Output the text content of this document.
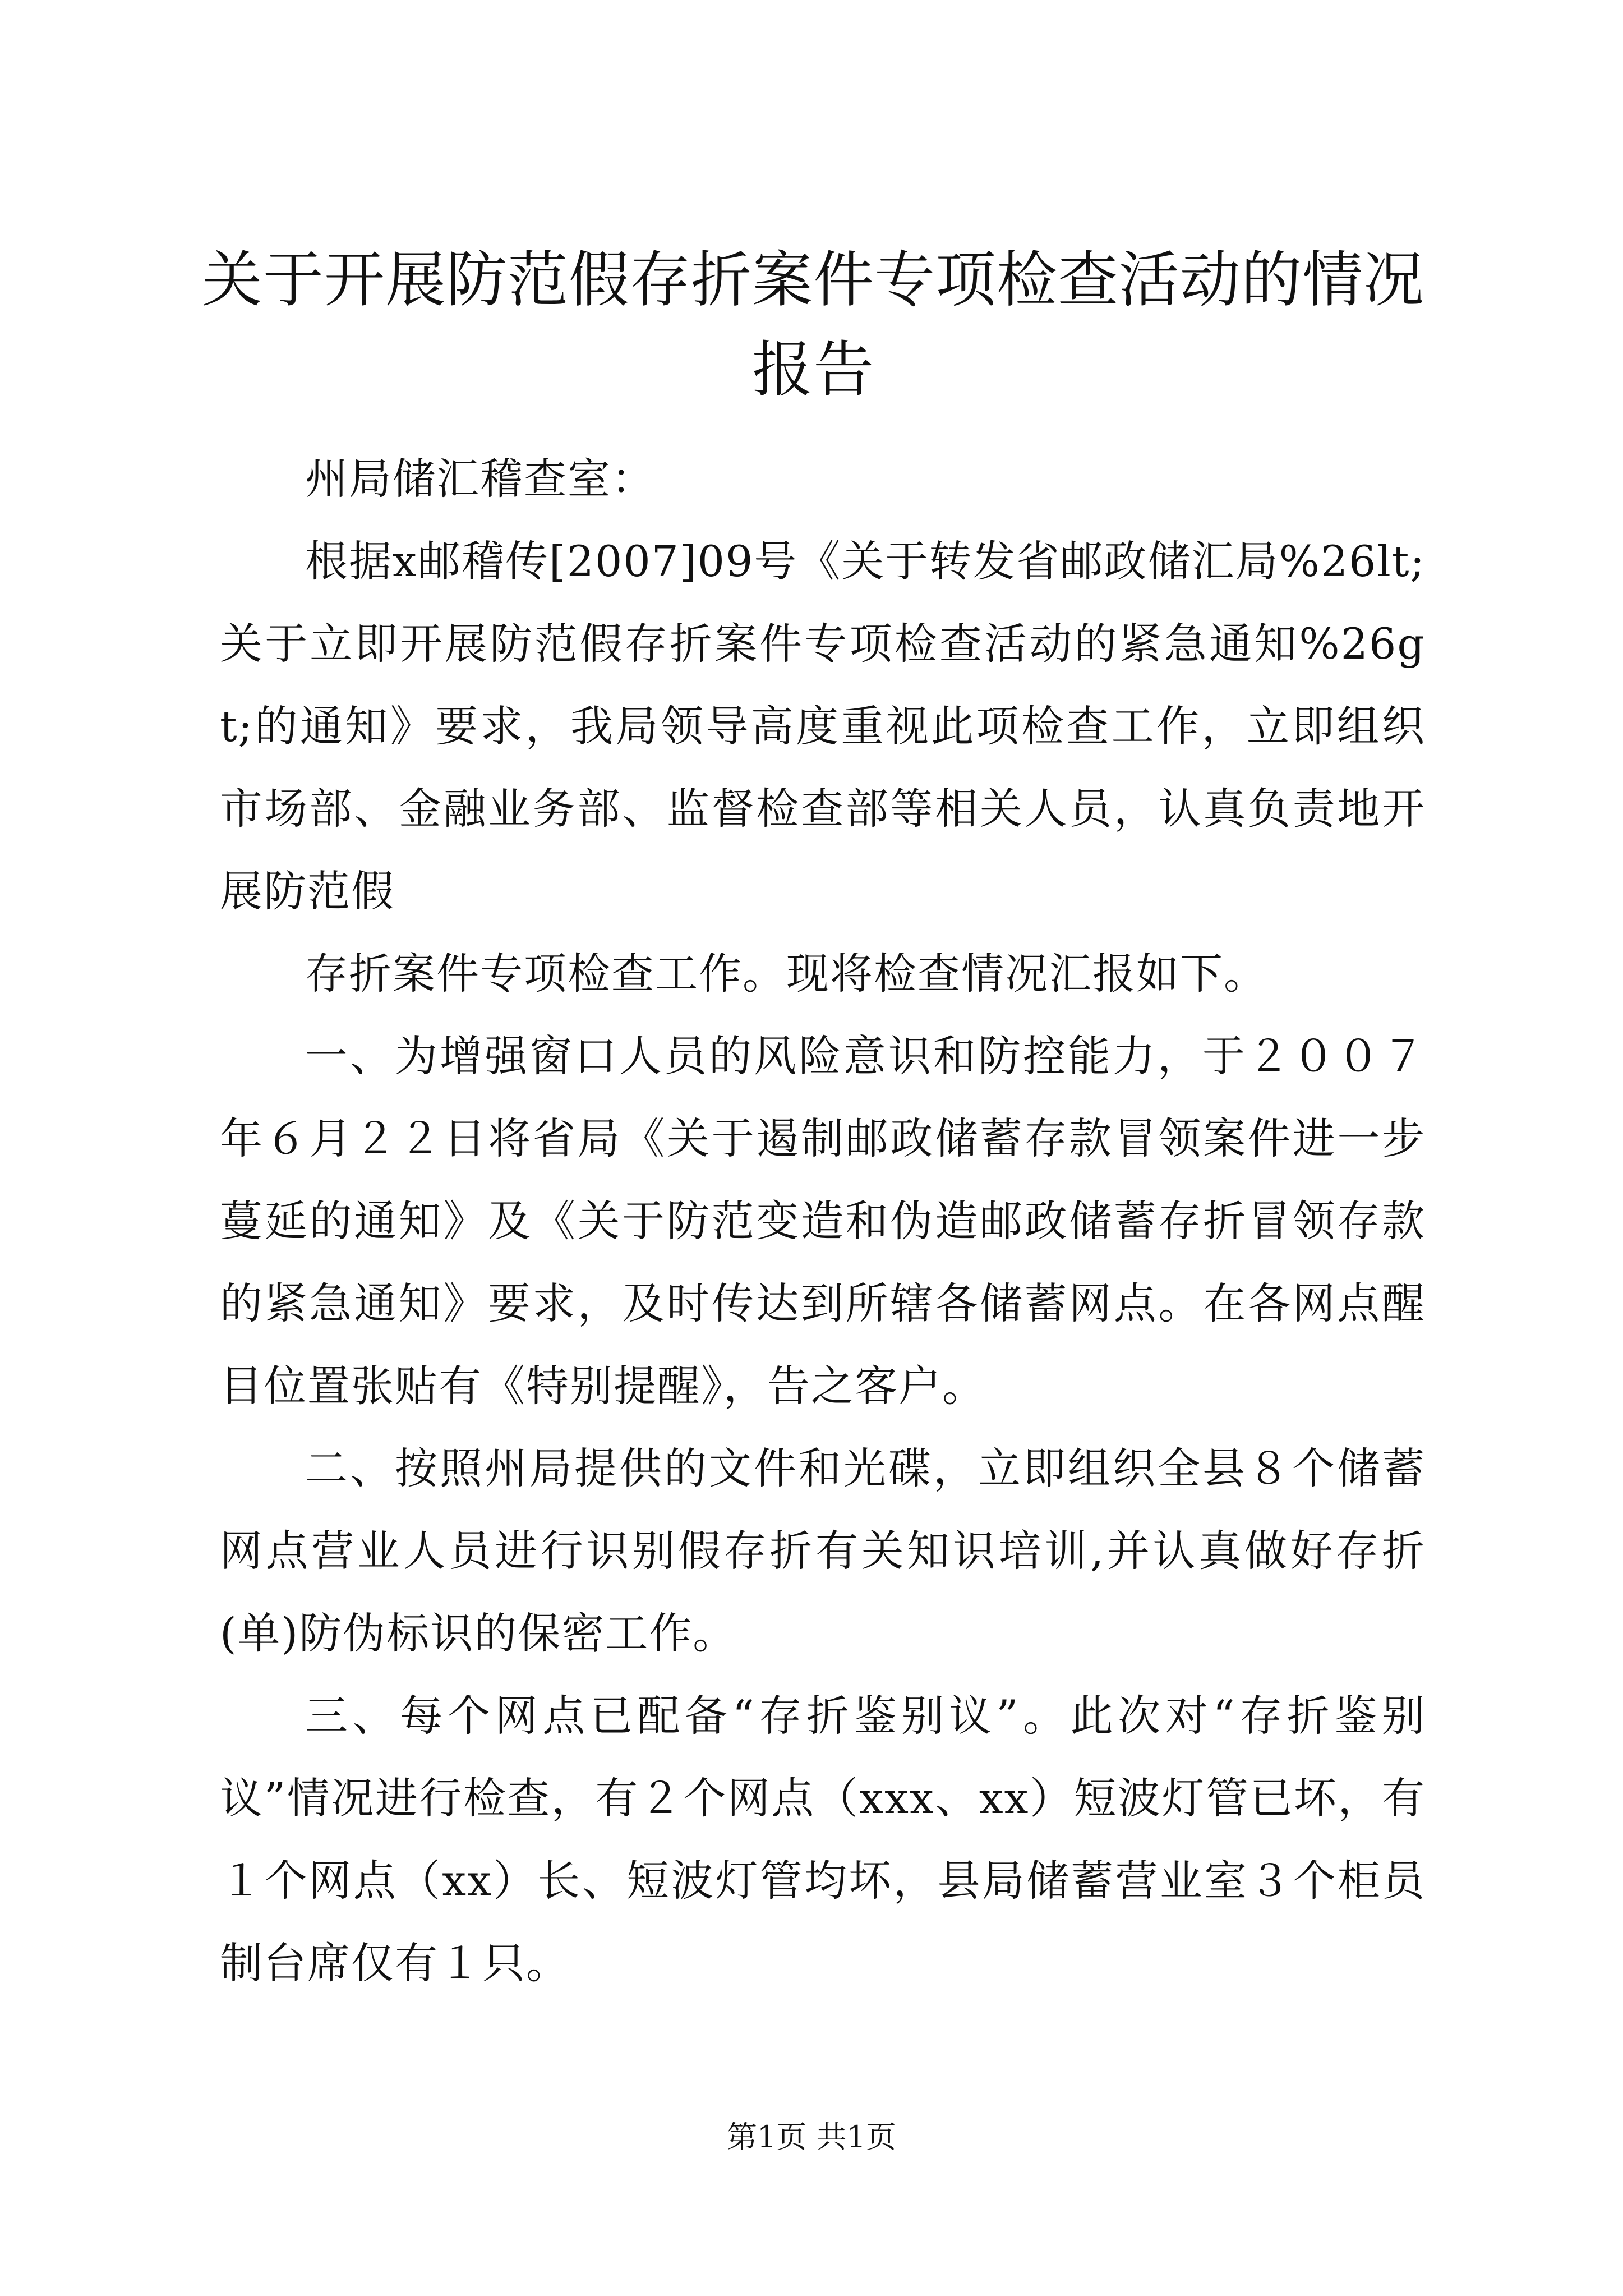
关于开展防范假存折案件专项检查活动的情况报告

州局储汇稽查室：

根据x邮稽传[2007]09号《关于转发省邮政储汇局%26lt;关于立即开展防范假存折案件专项检查活动的紧急通知%26gt;的通知》要求，我局领导高度重视此项检查工作，立即组织市场部、金融业务部、监督检查部等相关人员，认真负责地开展防范假

存折案件专项检查工作。现将检查情况汇报如下。

一、为增强窗口人员的风险意识和防控能力，于２００７年６月２２日将省局《关于遏制邮政储蓄存款冒领案件进一步蔓延的通知》及《关于防范变造和伪造邮政储蓄存折冒领存款的紧急通知》要求，及时传达到所辖各储蓄网点。在各网点醒目位置张贴有《特别提醒》，告之客户。

二、按照州局提供的文件和光碟，立即组织全县８个储蓄网点营业人员进行识别假存折有关知识培训,并认真做好存折(单)防伪标识的保密工作。

三、每个网点已配备“存折鉴别议”。此次对“存折鉴别议”情况进行检查，有２个网点（xxx、xx）短波灯管已坏，有１个网点（xx）长、短波灯管均坏，县局储蓄营业室３个柜员制台席仅有１只。

第1页 共1页
